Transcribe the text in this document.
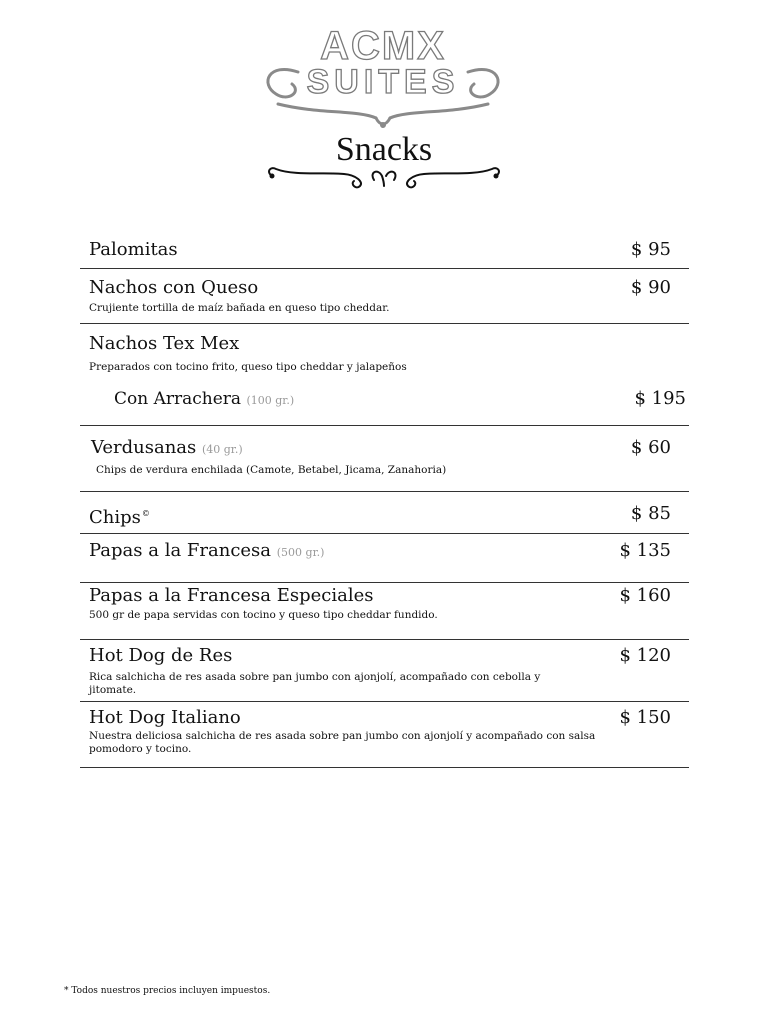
ACMX
SUITES
Snacks
Palomitas	$ 95
Nachos con Queso	$ 90
Crujiente tortilla de maíz bañada en queso tipo cheddar.
Nachos Tex Mex
Preparados con tocino frito, queso tipo cheddar y jalapeños
Con Arrachera (100 gr.)	$ 195
Verdusanas (40 gr.)	$ 60
Chips de verdura enchilada (Camote, Betabel, Jicama, Zanahoria)
Chips©	$ 85
Papas a la Francesa (500 gr.)	$ 135
Papas a la Francesa Especiales	$ 160
500 gr de papa servidas con tocino y queso tipo cheddar fundido.
Hot Dog de Res	$ 120
Rica salchicha de res asada sobre pan jumbo con ajonjolí, acompañado con cebolla y jitomate.
Hot Dog Italiano	$ 150
Nuestra deliciosa salchicha de res asada sobre pan jumbo con ajonjolí y acompañado con salsa pomodoro y tocino.
* Todos nuestros precios incluyen impuestos.
